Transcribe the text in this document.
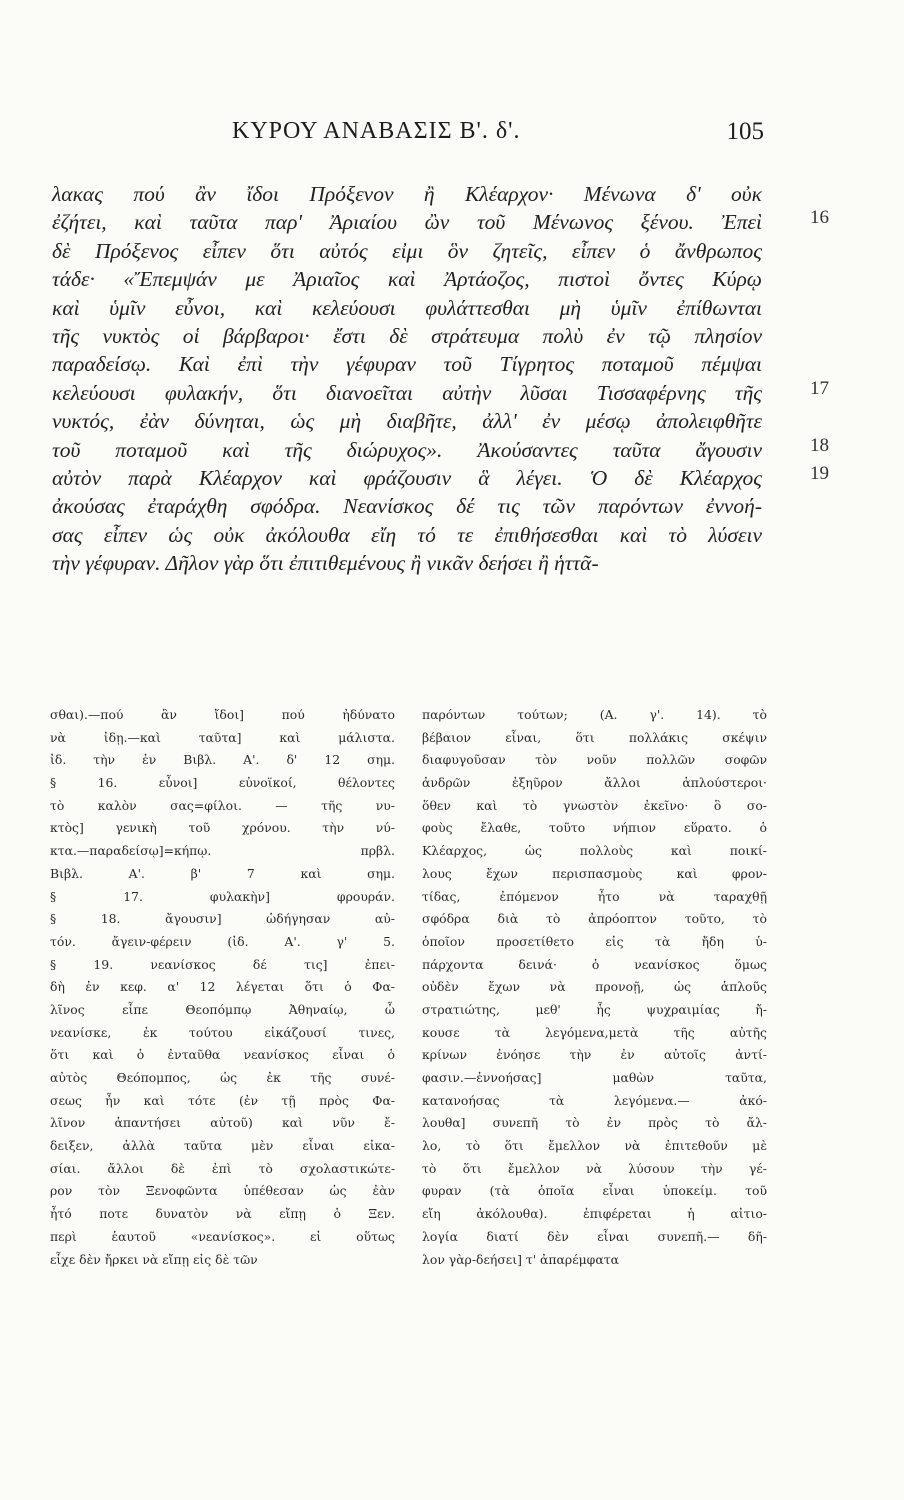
ΚΥΡΟΥ ΑΝΑΒΑΣΙΣ Β'. δ'.	105
λακας πού ἂν ἴδοι Πρόξενον ἢ Κλέαρχον· Μένωνα δ' οὐκ
ἐζήτει, καὶ ταῦτα παρ' Ἀριαίου ὢν τοῦ Μένωνος ξένου. Ἐπεὶ
δὲ Πρόξενος εἶπεν ὅτι αὐτός εἰμι ὃν ζητεῖς, εἶπεν ὁ ἄνθρωπος
τάδε· «Ἔπεμψάν με Ἀριαῖος καὶ Ἀρτάοζος, πιστοὶ ὄντες Κύρῳ
καὶ ὑμῖν εὖνοι, καὶ κελεύουσι φυλάττεσθαι μὴ ὑμῖν ἐπίθωνται
τῆς νυκτὸς οἱ βάρβαροι· ἔστι δὲ στράτευμα πολὺ ἐν τῷ πλησίον
παραδείσῳ. Καὶ ἐπὶ τὴν γέφυραν τοῦ Τίγρητος ποταμοῦ πέμψαι
κελεύουσι φυλακήν, ὅτι διανοεῖται αὐτὴν λῦσαι Τισσαφέρνης τῆς
νυκτός, ἐὰν δύνηται, ὡς μὴ διαβῆτε, ἀλλ' ἐν μέσῳ ἀπολειφθῆτε
τοῦ ποταμοῦ καὶ τῆς διώρυχος». Ἀκούσαντες ταῦτα ἄγουσιν
αὐτὸν παρὰ Κλέαρχον καὶ φράζουσιν ἃ λέγει. Ὁ δὲ Κλέαρχος
ἀκούσας ἐταράχθη σφόδρα. Νεανίσκος δέ τις τῶν παρόντων ἐννοή-
σας εἶπεν ὡς οὐκ ἀκόλουθα εἴη τό τε ἐπιθήσεσθαι καὶ τὸ λύσειν
τὴν γέφυραν. Δῆλον γὰρ ὅτι ἐπιτιθεμένους ἢ νικᾶν δεήσει ἢ ἡττᾶ-
16
17
18
19
σθαι).—πού ἂν ἴδοι] πού ἠδύνατο
νὰ ἰδῃ.—καὶ ταῦτα] καὶ μάλιστα.
ἰδ. τὴν ἐν Βιβλ. Α'. δ' 12 σημ.
§ 16. εὖνοι] εὐνοϊκοί, θέλοντες
τὸ καλὸν σας=φίλοι. — τῆς νυ-
κτὸς] γενικὴ τοῦ χρόνου. τὴν νύ-
κτα.—παραδείσῳ]=κήπῳ. πρβλ.
Βιβλ. Α'. β' 7 καὶ σημ.
§ 17. φυλακὴν] φρουράν.
§ 18. ἄγουσιν] ὡδήγησαν αὐ-
τόν. ἄγειν-φέρειν (ἰδ. Α'. γ' 5.
§ 19. νεανίσκος δέ τις] ἐπει-
δὴ ἐν κεφ. α' 12 λέγεται ὅτι ὁ Φα-
λῖνος εἶπε Θεοπόμπῳ Ἀθηναίῳ, ὦ
νεανίσκε, ἐκ τούτου εἰκάζουσί τινες,
ὅτι καὶ ὁ ἐνταῦθα νεανίσκος εἶναι ὁ
αὐτὸς Θεόπομπος, ὡς ἐκ τῆς συνέ-
σεως ἦν καὶ τότε (ἐν τῇ πρὸς Φα-
λῖνον ἀπαντήσει αὐτοῦ) καὶ νῦν ἔ-
δειξεν, ἀλλὰ ταῦτα μὲν εἶναι εἰκα-
σίαι. ἄλλοι δὲ ἐπὶ τὸ σχολαστικώτε-
ρον τὸν Ξενοφῶντα ὑπέθεσαν ὡς ἐὰν
ἦτό ποτε δυνατὸν νὰ εἴπῃ ὁ Ξεν.
περὶ ἑαυτοῦ «νεανίσκος». εἰ οὕτως
εἶχε δὲν ἤρκει νὰ εἴπῃ εἰς δὲ τῶν
παρόντων τούτων; (Α. γ'. 14). τὸ
βέβαιον εἶναι, ὅτι πολλάκις σκέψιν
διαφυγοῦσαν τὸν νοῦν πολλῶν σοφῶν
ἀνδρῶν ἐξηῦρον ἄλλοι ἁπλούστεροι·
ὅθεν καὶ τὸ γνωστὸν ἐκεῖνο· ὃ σο-
φοὺς ἔλαθε, τοῦτο νήπιον εὕρατο. ὁ
Κλέαρχος, ὡς πολλοὺς καὶ ποικί-
λους ἔχων περισπασμοὺς καὶ φρον-
τίδας, ἐπόμενον ἦτο νὰ ταραχθῇ
σφόδρα διὰ τὸ ἀπρόοπτον τοῦτο, τὸ
ὁποῖον προσετίθετο εἰς τὰ ἤδη ὑ-
πάρχοντα δεινά· ὁ νεανίσκος ὅμως
οὐδὲν ἔχων νὰ προνοῇ, ὡς ἁπλοῦς
στρατιώτης, μεθ' ἧς ψυχραιμίας ἤ-
κουσε τὰ λεγόμενα,μετὰ τῆς αὐτῆς
κρίνων ἐνόησε τὴν ἐν αὐτοῖς ἀντί-
φασιν.—ἐννοήσας] μαθὼν ταῦτα,
κατανοήσας τὰ λεγόμενα.— ἀκό-
λουθα] συνεπῆ τὸ ἐν πρὸς τὸ ἄλ-
λο, τὸ ὅτι ἔμελλον νὰ ἐπιτεθοῦν μὲ
τὸ ὅτι ἔμελλον νὰ λύσουν τὴν γέ-
φυραν (τὰ ὁποῖα εἶναι ὑποκείμ. τοῦ
εἴη ἀκόλουθα). ἐπιφέρεται ἡ αἰτιο-
λογία διατί δὲν εἶναι συνεπῆ.— δῆ-
λον γὰρ-δεήσει] τ' ἀπαρέμφατα
